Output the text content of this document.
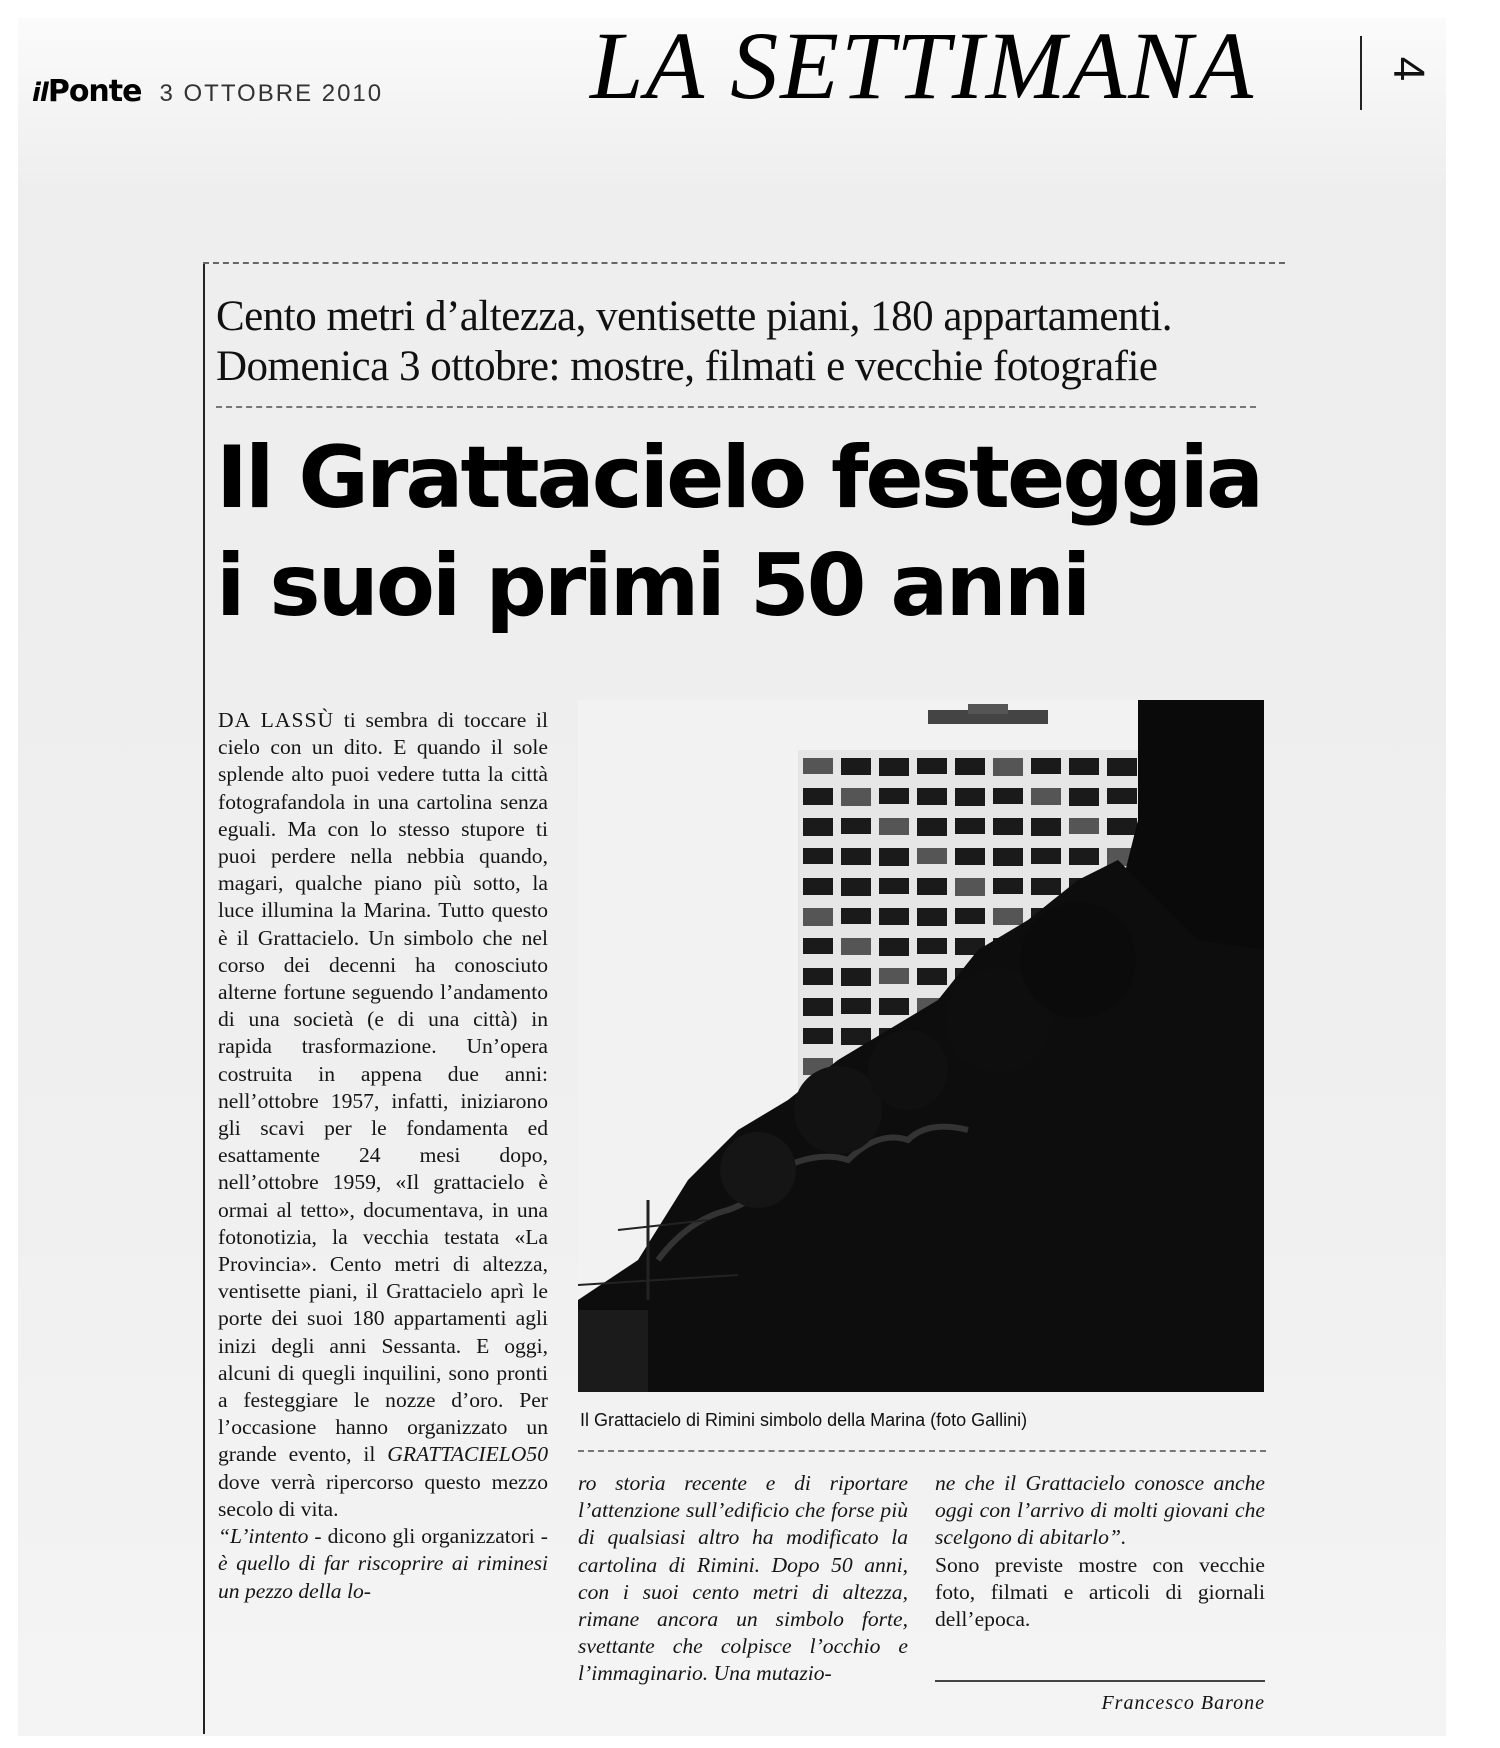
ilPonte 3 OTTOBRE 2010 LA SETTIMANA	4
Cento metri d’altezza, ventisette piani, 180 appartamenti.
Domenica 3 ottobre: mostre, filmati e vecchie fotografie
Il Grattacielo festeggia
i suoi primi 50 anni
DA LASSÙ ti sembra di toccare il cielo con un dito. E quando il sole splende alto puoi vedere tutta la città fotografandola in una cartolina senza eguali. Ma con lo stesso stupore ti puoi perdere nella nebbia quando, magari, qualche piano più sotto, la luce illumina la Marina. Tutto questo è il Grattacielo. Un simbolo che nel corso dei decenni ha conosciuto alterne fortune seguendo l’andamento di una società (e di una città) in rapida trasformazione. Un’opera costruita in appena due anni: nell’ottobre 1957, infatti, iniziarono gli scavi per le fondamenta ed esattamente 24 mesi dopo, nell’ottobre 1959, «Il grattacielo è ormai al tetto», documentava, in una fotonotizia, la vecchia testata «La Provincia». Cento metri di altezza, ventisette piani, il Grattacielo aprì le porte dei suoi 180 appartamenti agli inizi degli anni Sessanta. E oggi, alcuni di quegli inquilini, sono pronti a festeggiare le nozze d’oro. Per l’occasione hanno organizzato un grande evento, il GRATTACIELO50 dove verrà ripercorso questo mezzo secolo di vita.
“L’intento - dicono gli organizzatori - è quello di far riscoprire ai riminesi un pezzo della lo-
Il Grattacielo di Rimini simbolo della Marina (foto Gallini)
ro storia recente e di riportare l’attenzione sull’edificio che forse più di qualsiasi altro ha modificato la cartolina di Rimini. Dopo 50 anni, con i suoi cento metri di altezza, rimane ancora un simbolo forte, svettante che colpisce l’occhio e l’immaginario. Una mutazio-
ne che il Grattacielo conosce anche oggi con l’arrivo di molti giovani che scelgono di abitarlo”.
Sono previste mostre con vecchie foto, filmati e articoli di giornali dell’epoca.
Francesco Barone
